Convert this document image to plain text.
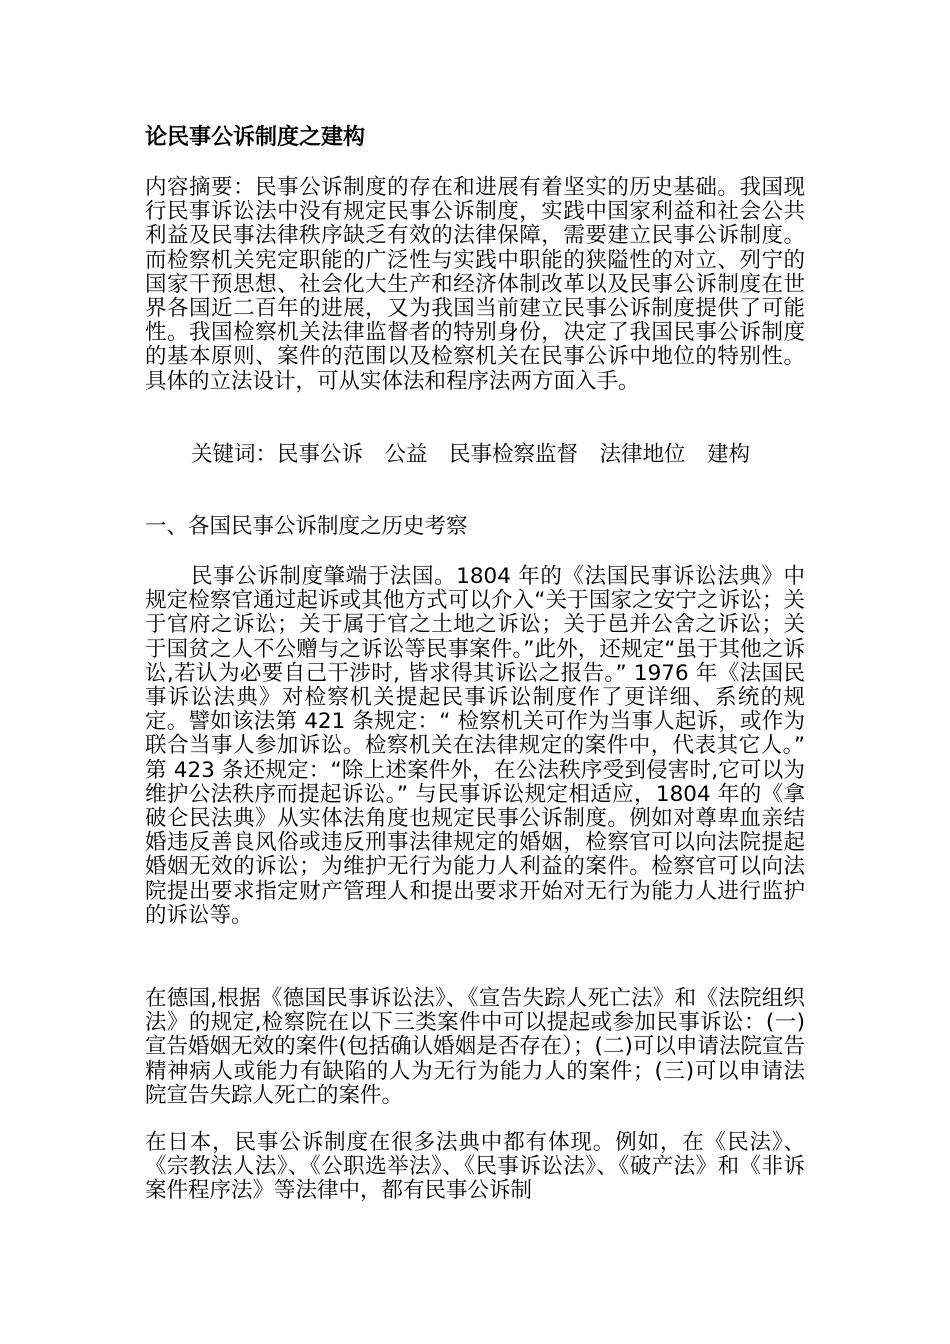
论民事公诉制度之建构

内容摘要：民事公诉制度的存在和进展有着坚实的历史基础。我国现行民事诉讼法中没有规定民事公诉制度，实践中国家利益和社会公共利益及民事法律秩序缺乏有效的法律保障，需要建立民事公诉制度。而检察机关宪定职能的广泛性与实践中职能的狭隘性的对立、列宁的国家干预思想、社会化大生产和经济体制改革以及民事公诉制度在世界各国近二百年的进展，又为我国当前建立民事公诉制度提供了可能性。我国检察机关法律监督者的特别身份，决定了我国民事公诉制度的基本原则、案件的范围以及检察机关在民事公诉中地位的特别性。具体的立法设计，可从实体法和程序法两方面入手。

关键词：民事公诉　公益　民事检察监督　法律地位　建构

一、各国民事公诉制度之历史考察

民事公诉制度肇端于法国。1804 年的《法国民事诉讼法典》中规定检察官通过起诉或其他方式可以介入“关于国家之安宁之诉讼；关于官府之诉讼；关于属于官之土地之诉讼；关于邑并公舍之诉讼；关于国贫之人不公赠与之诉讼等民事案件。”此外，还规定“虽于其他之诉讼,若认为必要自己干涉时, 皆求得其诉讼之报告。” 1976 年《法国民事诉讼法典》对检察机关提起民事诉讼制度作了更详细、系统的规定。譬如该法第 421 条规定：“ 检察机关可作为当事人起诉，或作为联合当事人参加诉讼。检察机关在法律规定的案件中，代表其它人。” 第 423 条还规定：“除上述案件外，在公法秩序受到侵害时,它可以为维护公法秩序而提起诉讼。” 与民事诉讼规定相适应，1804 年的《拿破仑民法典》从实体法角度也规定民事公诉制度。例如对尊卑血亲结婚违反善良风俗或违反刑事法律规定的婚姻，检察官可以向法院提起婚姻无效的诉讼；为维护无行为能力人利益的案件。检察官可以向法院提出要求指定财产管理人和提出要求开始对无行为能力人进行监护的诉讼等。

在德国,根据《德国民事诉讼法》、《宣告失踪人死亡法》和《法院组织法》的规定,检察院在以下三类案件中可以提起或参加民事诉讼：(一)宣告婚姻无效的案件(包括确认婚姻是否存在）；(二)可以申请法院宣告精神病人或能力有缺陷的人为无行为能力人的案件；(三)可以申请法院宣告失踪人死亡的案件。

在日本，民事公诉制度在很多法典中都有体现。例如，在《民法》、《宗教法人法》、《公职选举法》、《民事诉讼法》、《破产法》和《非诉案件程序法》等法律中，都有民事公诉制
